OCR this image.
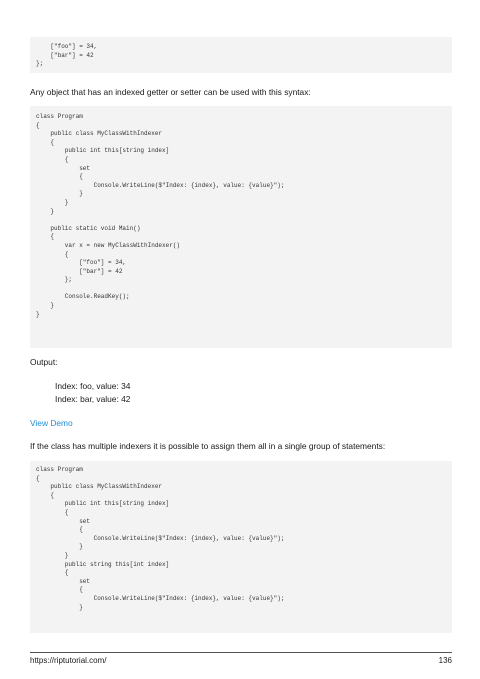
["foo"] = 34,
["bar"] = 42
};
Any object that has an indexed getter or setter can be used with this syntax:
class Program
{
public class MyClassWithIndexer
{
public int this[string index]
{
set
{
Console.WriteLine($"Index: {index}, value: {value}");
}
}
}
public static void Main()
{
var x = new MyClassWithIndexer()
{
["foo"] = 34,
["bar"] = 42
};
Console.ReadKey();
}
}
Output:
Index: foo, value: 34
Index: bar, value: 42
View Demo
If the class has multiple indexers it is possible to assign them all in a single group of statements:
class Program
{
public class MyClassWithIndexer
{
public int this[string index]
{
set
{
Console.WriteLine($"Index: {index}, value: {value}");
}
}
public string this[int index]
{
set
{
Console.WriteLine($"Index: {index}, value: {value}");
}
https://riptutorial.com/	136
